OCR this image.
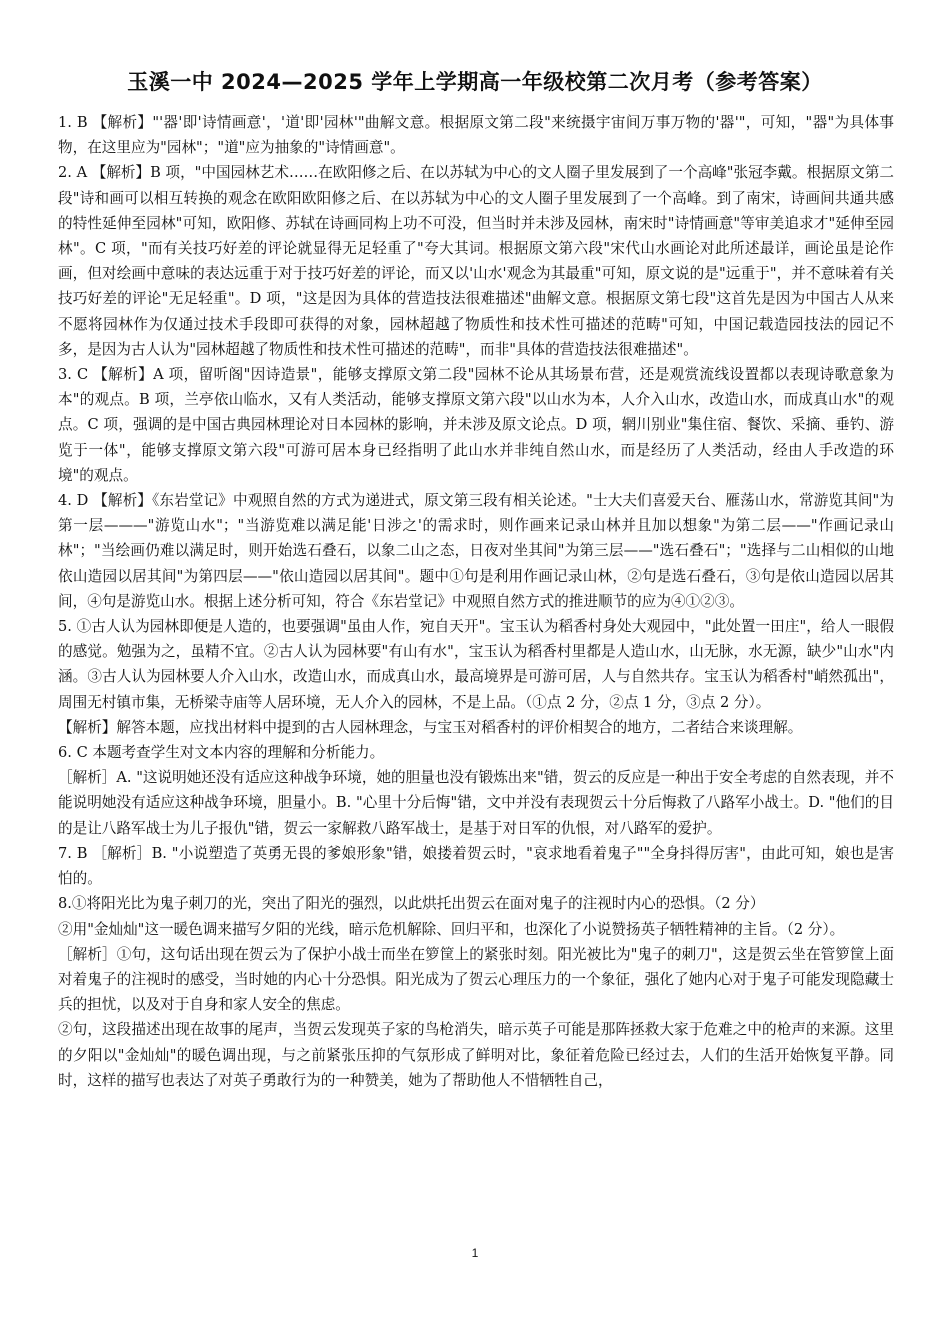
玉溪一中 2024—2025 学年上学期高一年级校第二次月考（参考答案）

1. B 【解析】"'器'即'诗情画意'，'道'即'园林'"曲解文意。根据原文第二段"来统摄宇宙间万事万物的'器'"，可知，"器"为具体事物，在这里应为"园林"；"道"应为抽象的"诗情画意"。

2. A 【解析】B 项，"中国园林艺术……在欧阳修之后、在以苏轼为中心的文人圈子里发展到了一个高峰"张冠李戴。根据原文第二段"诗和画可以相互转换的观念在欧阳欧阳修之后、在以苏轼为中心的文人圈子里发展到了一个高峰。到了南宋，诗画间共通共感的特性延伸至园林"可知，欧阳修、苏轼在诗画同构上功不可没，但当时并未涉及园林，南宋时"诗情画意"等审美追求才"延伸至园林"。C 项，"而有关技巧好差的评论就显得无足轻重了"夸大其词。根据原文第六段"宋代山水画论对此所述最详，画论虽是论作画，但对绘画中意味的表达远重于对于技巧好差的评论，而又以'山水'观念为其最重"可知，原文说的是"远重于"，并不意味着有关技巧好差的评论"无足轻重"。D 项，"这是因为具体的营造技法很难描述"曲解文意。根据原文第七段"这首先是因为中国古人从来不愿将园林作为仅通过技术手段即可获得的对象，园林超越了物质性和技术性可描述的范畴"可知，中国记载造园技法的园记不多，是因为古人认为"园林超越了物质性和技术性可描述的范畴"，而非"具体的营造技法很难描述"。

3. C 【解析】A 项，留听阁"因诗造景"，能够支撑原文第二段"园林不论从其场景布营，还是观赏流线设置都以表现诗歌意象为本"的观点。B 项，兰亭依山临水，又有人类活动，能够支撑原文第六段"以山水为本，人介入山水，改造山水，而成真山水"的观点。C 项，强调的是中国古典园林理论对日本园林的影响，并未涉及原文论点。D 项，辋川别业"集住宿、餐饮、采摘、垂钓、游览于一体"，能够支撑原文第六段"可游可居本身已经指明了此山水并非纯自然山水，而是经历了人类活动，经由人手改造的环境"的观点。

4. D 【解析】《东岩堂记》中观照自然的方式为递进式，原文第三段有相关论述。"士大夫们喜爱天台、雁荡山水，常游览其间"为第一层———"游览山水"；"当游览难以满足能'日涉之'的需求时，则作画来记录山林并且加以想象"为第二层——"作画记录山林"；"当绘画仍难以满足时，则开始选石叠石，以象二山之态，日夜对坐其间"为第三层——"选石叠石"；"选择与二山相似的山地依山造园以居其间"为第四层——"依山造园以居其间"。题中①句是利用作画记录山林，②句是选石叠石，③句是依山造园以居其间，④句是游览山水。根据上述分析可知，符合《东岩堂记》中观照自然方式的推进顺节的应为④①②③。

5. ①古人认为园林即便是人造的，也要强调"虽由人作，宛自天开"。宝玉认为稻香村身处大观园中，"此处置一田庄"，给人一眼假的感觉。勉强为之，虽精不宜。②古人认为园林要"有山有水"，宝玉认为稻香村里都是人造山水，山无脉，水无源，缺少"山水"内涵。③古人认为园林要人介入山水，改造山水，而成真山水，最高境界是可游可居，人与自然共存。宝玉认为稻香村"峭然孤出"，周围无村镇市集，无桥梁寺庙等人居环境，无人介入的园林，不是上品。（①点 2 分，②点 1 分，③点 2 分）。

【解析】解答本题，应找出材料中提到的古人园林理念，与宝玉对稻香村的评价相契合的地方，二者结合来谈理解。

6. C 本题考查学生对文本内容的理解和分析能力。

［解析］A. "这说明她还没有适应这种战争环境，她的胆量也没有锻炼出来"错，贺云的反应是一种出于安全考虑的自然表现，并不能说明她没有适应这种战争环境，胆量小。B. "心里十分后悔"错，文中并没有表现贺云十分后悔救了八路军小战士。D. "他们的目的是让八路军战士为儿子报仇"错，贺云一家解救八路军战士，是基于对日军的仇恨，对八路军的爱护。

7. B ［解析］B. "小说塑造了英勇无畏的爹娘形象"错，娘搂着贺云时，"哀求地看着鬼子""全身抖得厉害"，由此可知，娘也是害怕的。

8.①将阳光比为鬼子刺刀的光，突出了阳光的强烈，以此烘托出贺云在面对鬼子的注视时内心的恐惧。（2 分）

②用"金灿灿"这一暖色调来描写夕阳的光线，暗示危机解除、回归平和，也深化了小说赞扬英子牺牲精神的主旨。（2 分）。

［解析］①句，这句话出现在贺云为了保护小战士而坐在箩筐上的紧张时刻。阳光被比为"鬼子的刺刀"，这是贺云坐在管箩筐上面对着鬼子的注视时的感受，当时她的内心十分恐惧。阳光成为了贺云心理压力的一个象征，强化了她内心对于鬼子可能发现隐藏士兵的担忧，以及对于自身和家人安全的焦虑。

②句，这段描述出现在故事的尾声，当贺云发现英子家的鸟枪消失，暗示英子可能是那阵拯救大家于危难之中的枪声的来源。这里的夕阳以"金灿灿"的暖色调出现，与之前紧张压抑的气氛形成了鲜明对比，象征着危险已经过去，人们的生活开始恢复平静。同时，这样的描写也表达了对英子勇敢行为的一种赞美，她为了帮助他人不惜牺牲自己，

1
